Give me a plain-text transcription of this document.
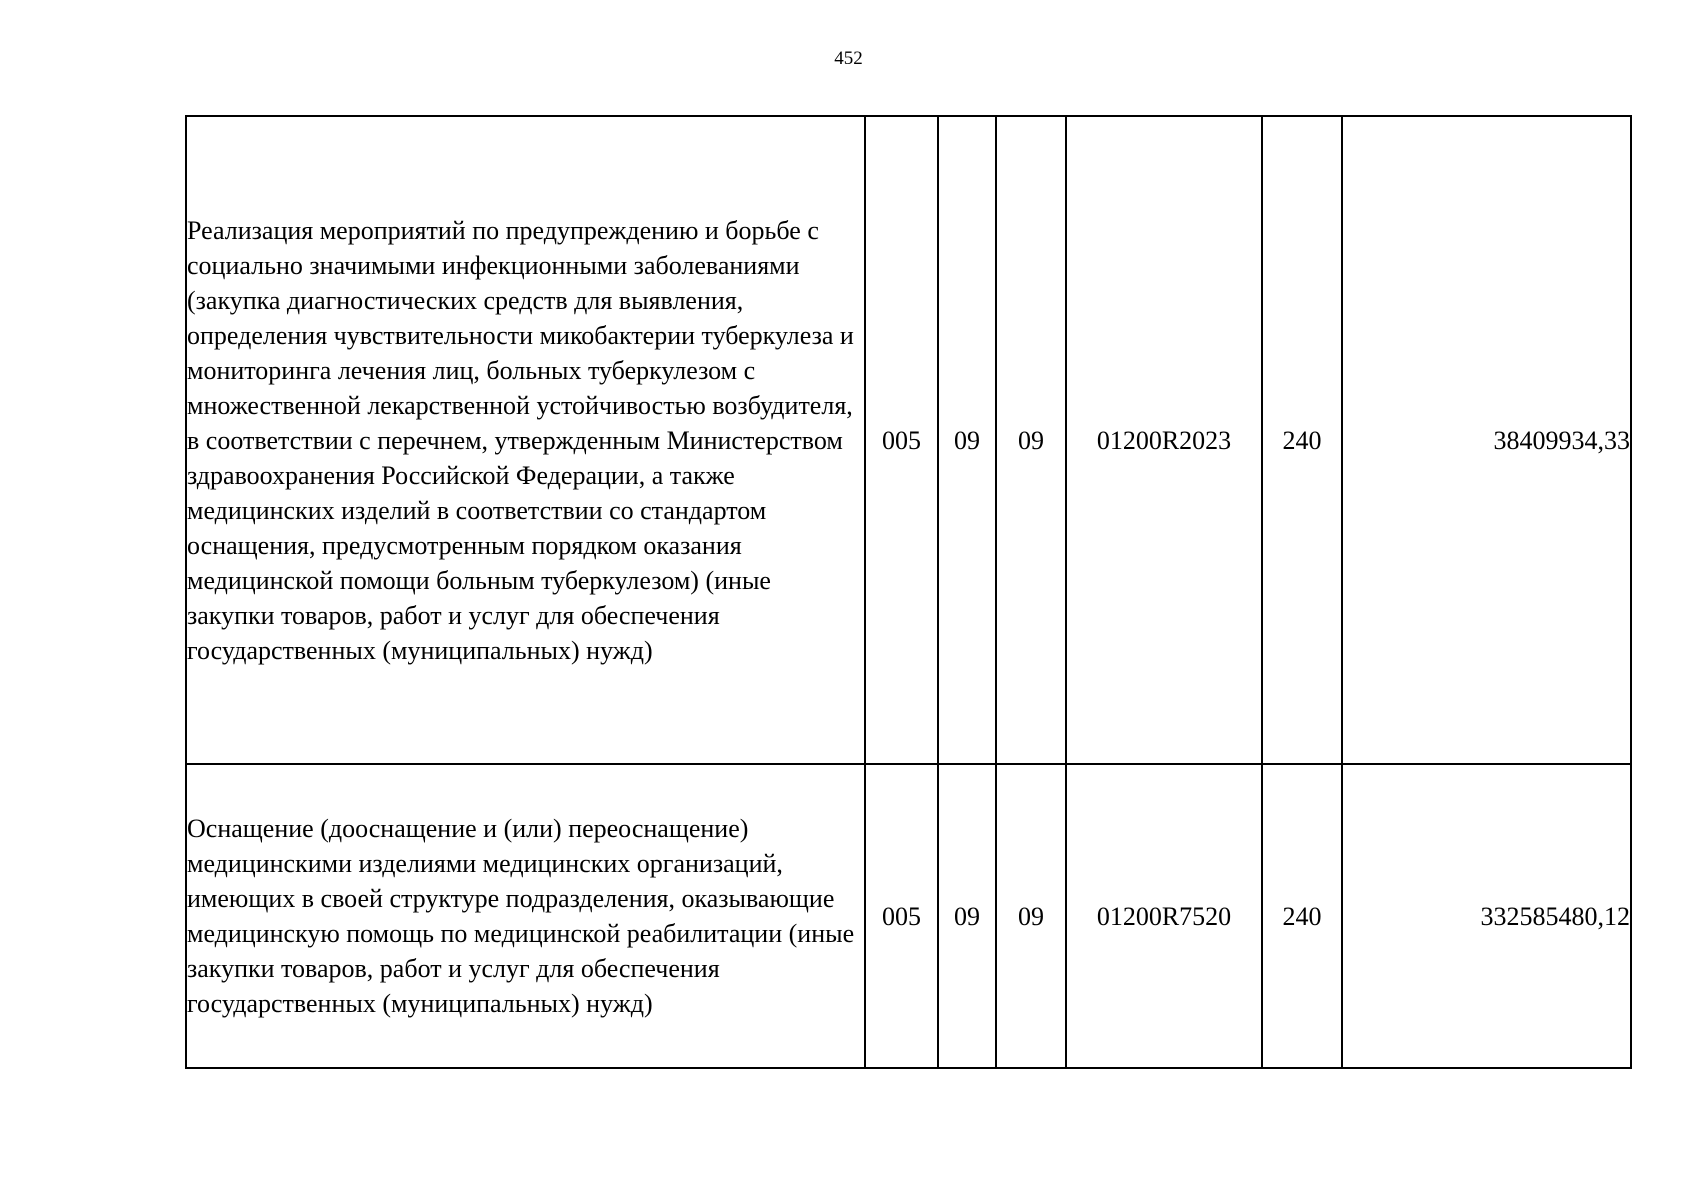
452
Реализация мероприятий по предупреждению и борьбе с социально значимыми инфекционными заболеваниями (закупка диагностических средств для выявления, определения чувствительности микобактерии туберкулеза и мониторинга лечения лиц, больных туберкулезом с множественной лекарственной устойчивостью возбудителя, в соответствии с перечнем, утвержденным Министерством здравоохранения Российской Федерации, а также медицинских изделий в соответствии со стандартом оснащения, предусмотренным порядком оказания медицинской помощи больным туберкулезом) (иные закупки товаров, работ и услуг для обеспечения государственных (муниципальных) нужд)	005	09	09	01200R2023	240	38409934,33
Оснащение (дооснащение и (или) переоснащение) медицинскими изделиями медицинских организаций, имеющих в своей структуре подразделения, оказывающие медицинскую помощь по медицинской реабилитации (иные закупки товаров, работ и услуг для обеспечения государственных (муниципальных) нужд)	005	09	09	01200R7520	240	332585480,12
